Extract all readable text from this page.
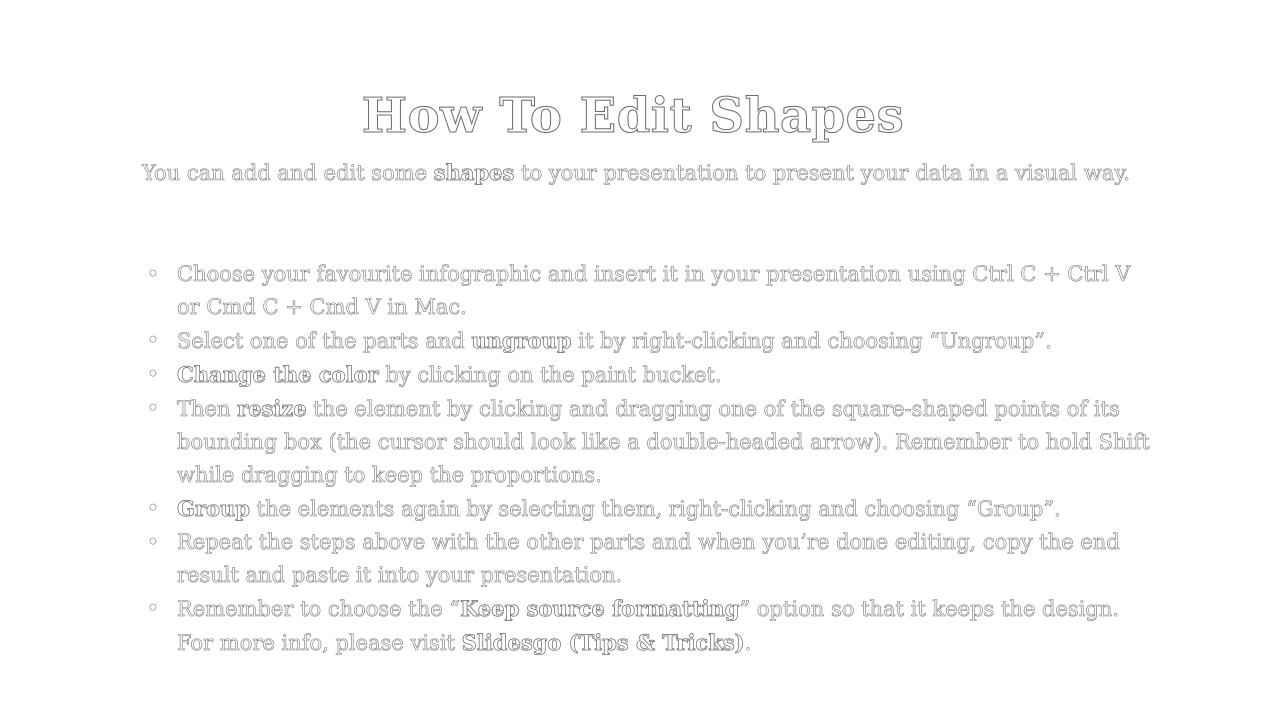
How To Edit Shapes

You can add and edit some shapes to your presentation to present your data in a visual way.

• Choose your favourite infographic and insert it in your presentation using Ctrl C + Ctrl V or Cmd C + Cmd V in Mac.
• Select one of the parts and ungroup it by right-clicking and choosing “Ungroup”.
• Change the color by clicking on the paint bucket.
• Then resize the element by clicking and dragging one of the square-shaped points of its bounding box (the cursor should look like a double-headed arrow). Remember to hold Shift while dragging to keep the proportions.
• Group the elements again by selecting them, right-clicking and choosing “Group”.
• Repeat the steps above with the other parts and when you’re done editing, copy the end result and paste it into your presentation.
• Remember to choose the “Keep source formatting” option so that it keeps the design. For more info, please visit Slidesgo (Tips & Tricks).
